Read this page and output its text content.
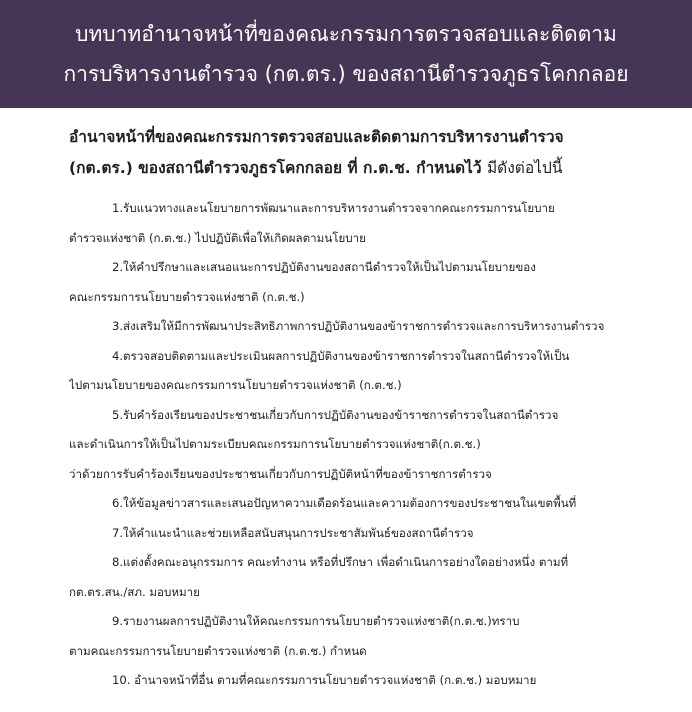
บทบาทอำนาจหน้าที่ของคณะกรรมการตรวจสอบและติดตาม
การบริหารงานตำรวจ (กต.ตร.) ของสถานีตำรวจภูธรโคกกลอย
อำนาจหน้าที่ของคณะกรรมการตรวจสอบและติดตามการบริหารงานตำรวจ
(กต.ตร.) ของสถานีตำรวจภูธรโคกกลอย ที่ ก.ต.ช. กำหนดไว้ มีดังต่อไปนี้
1.รับแนวทางและนโยบายการพัฒนาและการบริหารงานตำรวจจากคณะกรรมการนโยบาย
ตำรวจแห่งชาติ (ก.ต.ช.) ไปปฏิบัติเพื่อให้เกิดผลตามนโยบาย
2.ให้คำปรึกษาและเสนอแนะการปฏิบัติงานของสถานีตำรวจให้เป็นไปตามนโยบายของ
คณะกรรมการนโยบายตำรวจแห่งชาติ (ก.ต.ช.)
3.ส่งเสริมให้มีการพัฒนาประสิทธิภาพการปฏิบัติงานของข้าราชการตำรวจและการบริหารงานตำรวจ
4.ตรวจสอบติดตามและประเมินผลการปฏิบัติงานของข้าราชการตำรวจในสถานีตำรวจให้เป็น
ไปตามนโยบายของคณะกรรมการนโยบายตำรวจแห่งชาติ (ก.ต.ช.)
5.รับคำร้องเรียนของประชาชนเกี่ยวกับการปฏิบัติงานของข้าราชการตำรวจในสถานีตำรวจ
และดำเนินการให้เป็นไปตามระเบียบคณะกรรมการนโยบายตำรวจแห่งชาติ(ก.ต.ช.)
ว่าด้วยการรับคำร้องเรียนของประชาชนเกี่ยวกับการปฏิบัติหน้าที่ของข้าราชการตำรวจ
6.ให้ข้อมูลข่าวสารและเสนอปัญหาความเดือดร้อนและความต้องการของประชาชนในเขตพื้นที่
7.ให้คำแนะนำและช่วยเหลือสนับสนุนการประชาสัมพันธ์ของสถานีตำรวจ
8.แต่งตั้งคณะอนุกรรมการ คณะทำงาน หรือที่ปรึกษา เพื่อดำเนินการอย่างใดอย่างหนึ่ง ตามที่
กต.ตร.สน./สภ. มอบหมาย
9.รายงานผลการปฏิบัติงานให้คณะกรรมการนโยบายตำรวจแห่งชาติ(ก.ต.ช.)ทราบ
ตามคณะกรรมการนโยบายตำรวจแห่งชาติ (ก.ต.ช.) กำหนด
10. อำนาจหน้าที่อื่น ตามที่คณะกรรมการนโยบายตำรวจแห่งชาติ (ก.ต.ช.) มอบหมาย
